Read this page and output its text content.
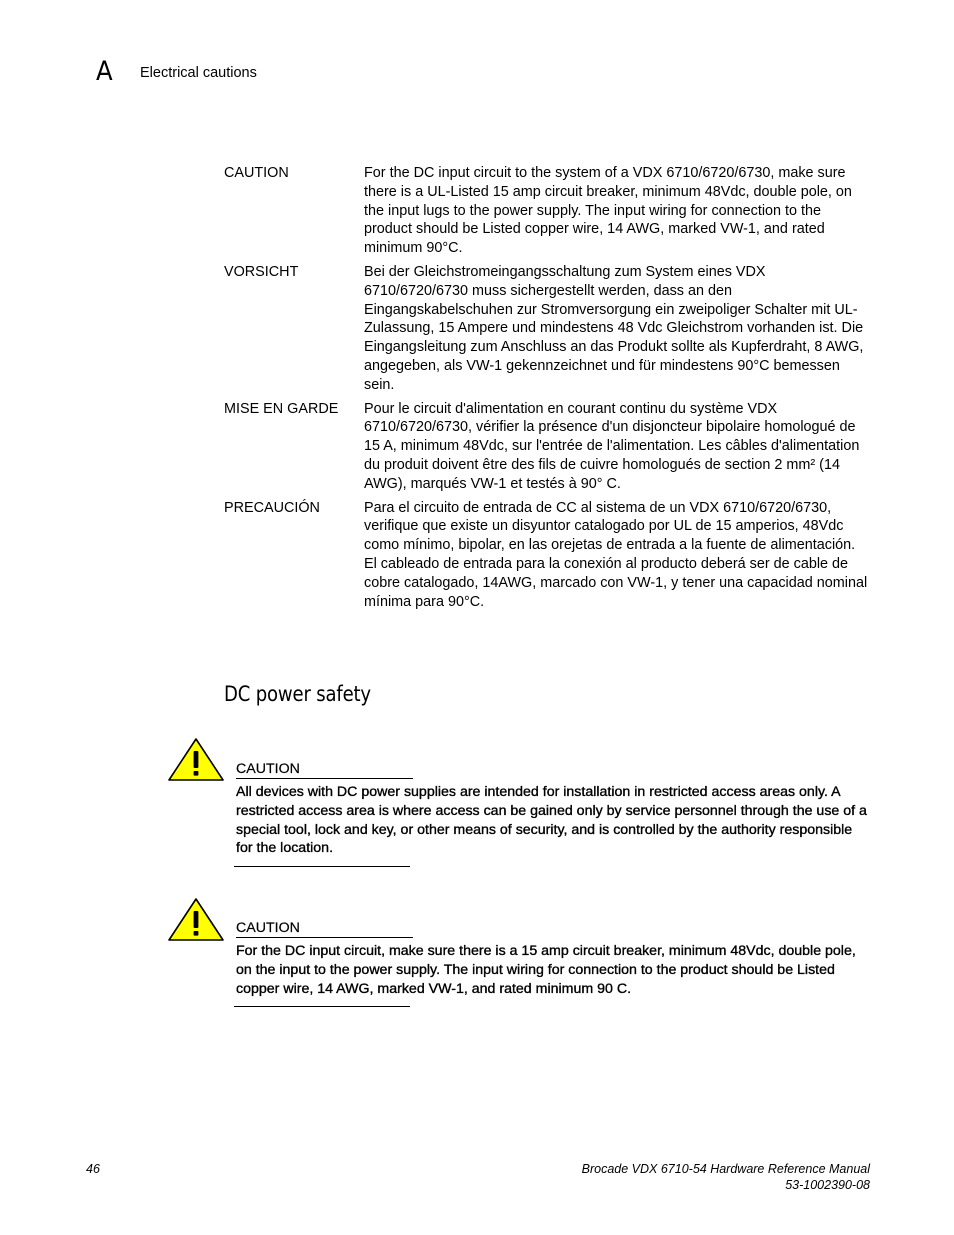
A Electrical cautions
CAUTION	For the DC input circuit to the system of a VDX 6710/6720/6730, make sure there is a UL-Listed 15 amp circuit breaker, minimum 48Vdc, double pole, on the input lugs to the power supply. The input wiring for connection to the product should be Listed copper wire, 14 AWG, marked VW-1, and rated minimum 90°C.
VORSICHT	Bei der Gleichstromeingangsschaltung zum System eines VDX 6710/6720/6730 muss sichergestellt werden, dass an den Eingangskabelschuhen zur Stromversorgung ein zweipoliger Schalter mit UL-Zulassung, 15 Ampere und mindestens 48 Vdc Gleichstrom vorhanden ist. Die Eingangsleitung zum Anschluss an das Produkt sollte als Kupferdraht, 8 AWG, angegeben, als VW-1 gekennzeichnet und für mindestens 90°C bemessen sein.
MISE EN GARDE	Pour le circuit d'alimentation en courant continu du système VDX 6710/6720/6730, vérifier la présence d'un disjoncteur bipolaire homologué de 15 A, minimum 48Vdc, sur l'entrée de l'alimentation. Les câbles d'alimentation du produit doivent être des fils de cuivre homologués de section 2 mm² (14 AWG), marqués VW-1 et testés à 90° C.
PRECAUCIÓN	Para el circuito de entrada de CC al sistema de un VDX 6710/6720/6730, verifique que existe un disyuntor catalogado por UL de 15 amperios, 48Vdc como mínimo, bipolar, en las orejetas de entrada a la fuente de alimentación. El cableado de entrada para la conexión al producto deberá ser de cable de cobre catalogado, 14AWG, marcado con VW-1, y tener una capacidad nominal mínima para 90°C.
DC power safety
CAUTION
All devices with DC power supplies are intended for installation in restricted access areas only. A restricted access area is where access can be gained only by service personnel through the use of a special tool, lock and key, or other means of security, and is controlled by the authority responsible for the location.
CAUTION
For the DC input circuit, make sure there is a 15 amp circuit breaker, minimum 48Vdc, double pole, on the input to the power supply. The input wiring for connection to the product should be Listed copper wire, 14 AWG, marked VW-1, and rated minimum 90 C.
46	Brocade VDX 6710-54 Hardware Reference Manual
53-1002390-08
